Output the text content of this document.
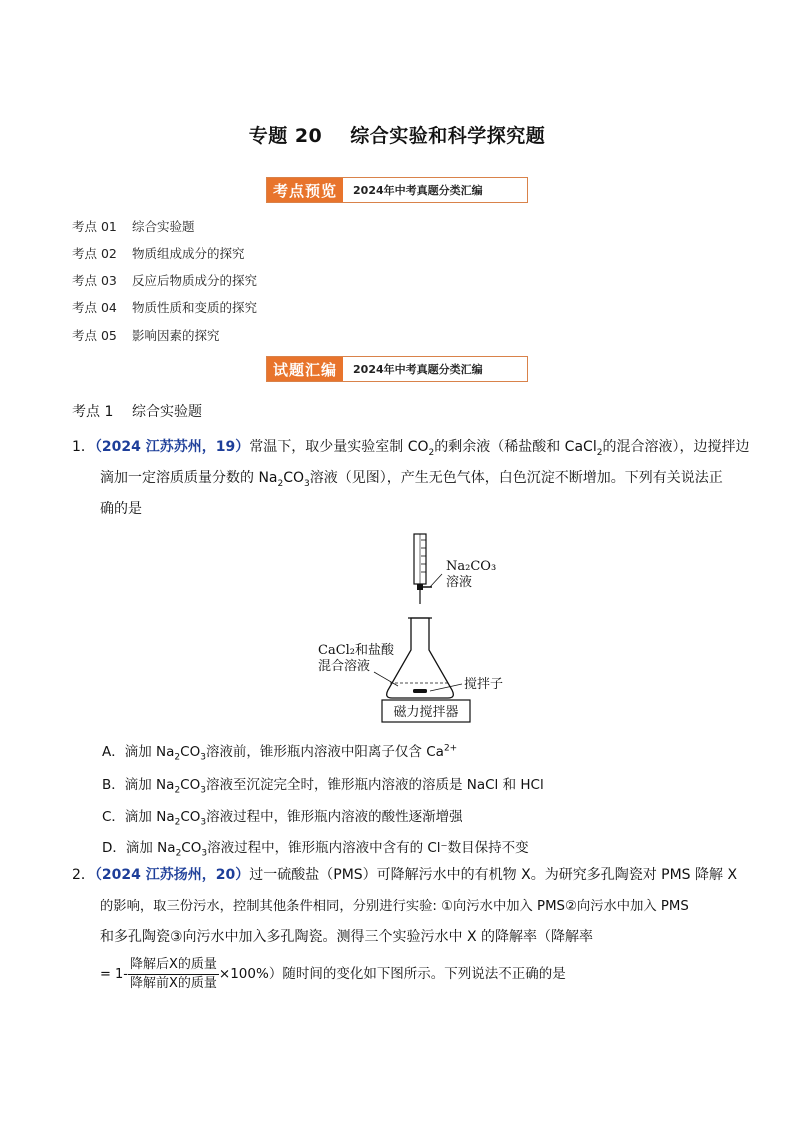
专题 20 综合实验和科学探究题
考点预览	2024年中考真题分类汇编
考点 01 综合实验题
考点 02 物质组成成分的探究
考点 03 反应后物质成分的探究
考点 04 物质性质和变质的探究
考点 05 影响因素的探究
试题汇编	2024年中考真题分类汇编
考点 1 综合实验题
1．（2024 江苏苏州，19）常温下，取少量实验室制 $CO_2$的剩余液（稀盐酸和 CaCl$_2$的混合溶液），边搅拌边
滴加一定溶质质量分数的 $Na_2CO_3$溶液（见图），产生无色气体，白色沉淀不断增加。下列有关说法正
确的是
Na₂CO₃
溶液
CaCl₂和盐酸
混合溶液
搅拌子
磁力搅拌器
A．滴加 $Na_2CO_3$溶液前，锥形瓶内溶液中阳离子仅含 $Ca^{2+}$
B．滴加 $Na_2CO_3$溶液至沉淀完全时，锥形瓶内溶液的溶质是 NaCl 和 HCl
C．滴加 $Na_2CO_3$溶液过程中，锥形瓶内溶液的酸性逐渐增强
D．滴加 $Na_2CO_3$溶液过程中，锥形瓶内溶液中含有的 Cl⁻数目保持不变
2．（2024 江苏扬州，20）过一硫酸盐（PMS）可降解污水中的有机物 X。为研究多孔陶瓷对 PMS 降解 X
的影响，取三份污水，控制其他条件相同，分别进行实验: ①向污水中加入 PMS②向污水中加入 PMS
和多孔陶瓷③向污水中加入多孔陶瓷。测得三个实验污水中 X 的降解率（降解率
= $1- \frac{\text{降解后X的质量}}{\text{降解前X的质量}} \times 100\%$）随时间的变化如下图所示。下列说法不正确的是
